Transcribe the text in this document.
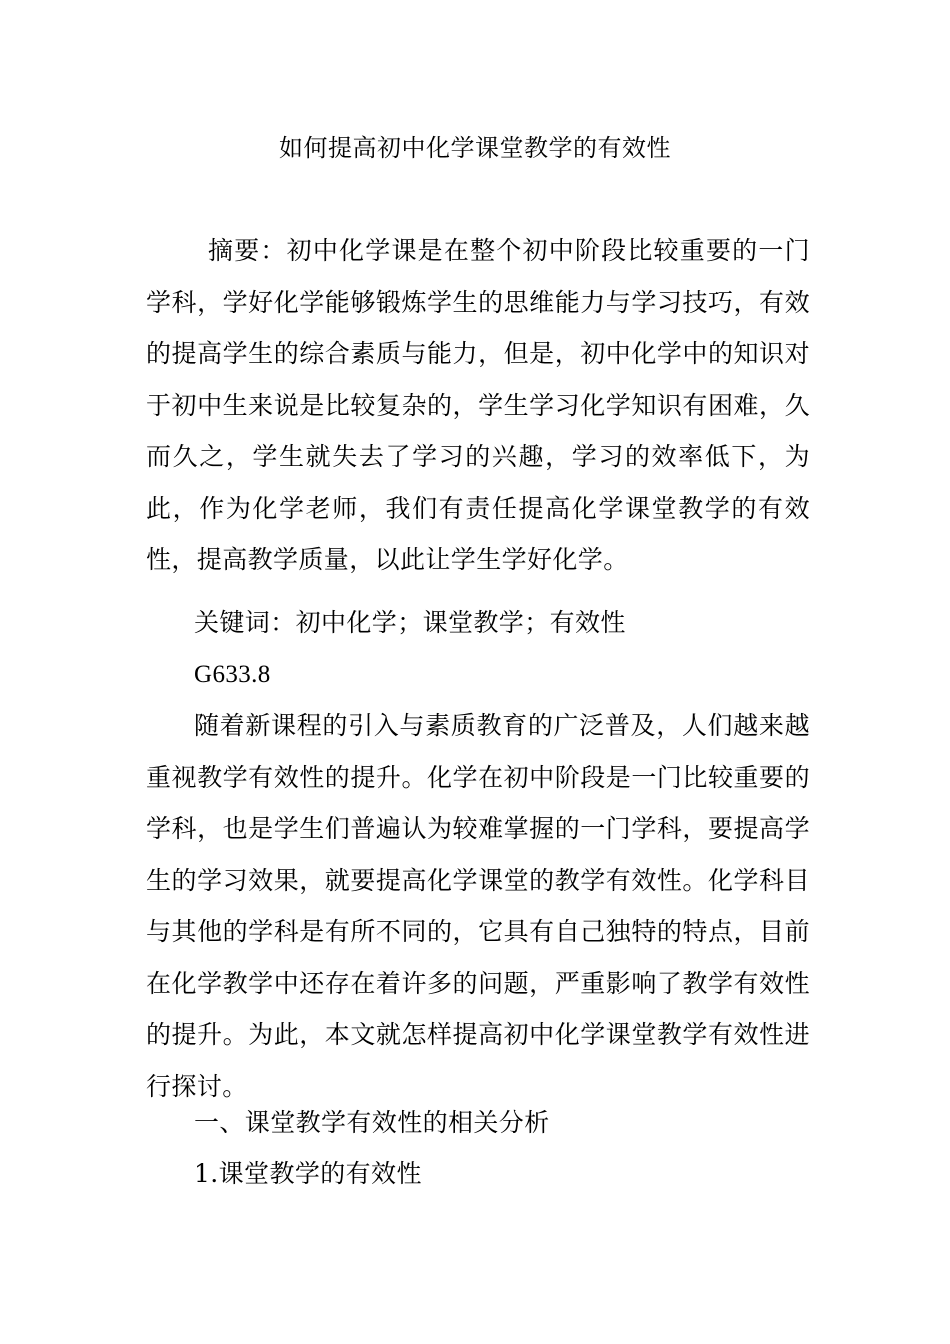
如何提高初中化学课堂教学的有效性

摘要：初中化学课是在整个初中阶段比较重要的一门学科，学好化学能够锻炼学生的思维能力与学习技巧，有效的提高学生的综合素质与能力，但是，初中化学中的知识对于初中生来说是比较复杂的，学生学习化学知识有困难，久而久之，学生就失去了学习的兴趣，学习的效率低下，为此，作为化学老师，我们有责任提高化学课堂教学的有效性，提高教学质量，以此让学生学好化学。

关键词：初中化学；课堂教学；有效性

G633.8

随着新课程的引入与素质教育的广泛普及，人们越来越重视教学有效性的提升。化学在初中阶段是一门比较重要的学科，也是学生们普遍认为较难掌握的一门学科，要提高学生的学习效果，就要提高化学课堂的教学有效性。化学科目与其他的学科是有所不同的，它具有自己独特的特点，目前在化学教学中还存在着许多的问题，严重影响了教学有效性的提升。为此，本文就怎样提高初中化学课堂教学有效性进行探讨。

一、课堂教学有效性的相关分析

1.课堂教学的有效性
